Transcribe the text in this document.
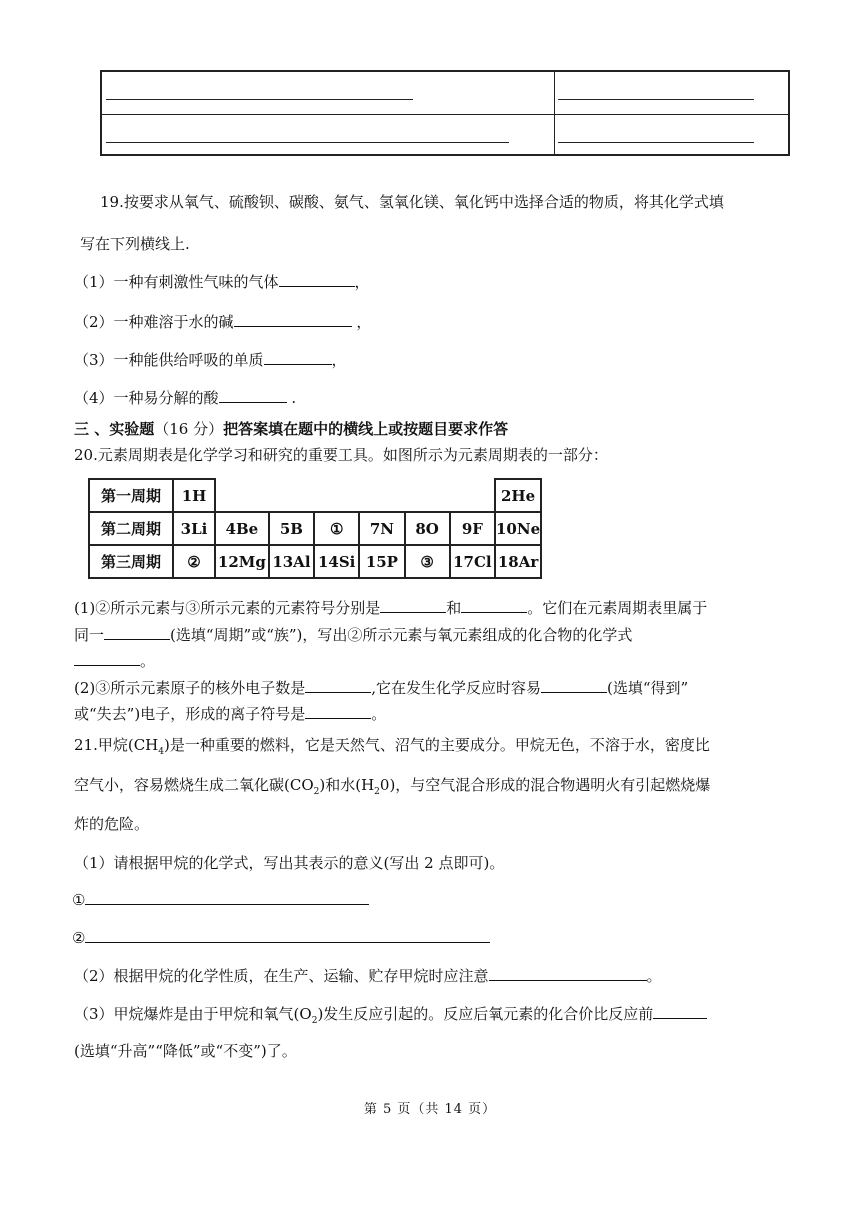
19.按要求从氧气、硫酸钡、碳酸、氨气、氢氧化镁、氧化钙中选择合适的物质，将其化学式填
写在下列横线上.
（1）一种有刺激性气味的气体	，
（2）一种难溶于水的碱	，
（3）一种能供给呼吸的单质	，
（4）一种易分解的酸	.
三 、实验题（16 分）把答案填在题中的横线上或按题目要求作答
20.元素周期表是化学学习和研究的重要工具。如图所示为元素周期表的一部分：
第一周期	1H							2He
第二周期	3Li	4Be	5B	①	7N	8O	9F	10Ne
第三周期	②	12Mg	13Al	14Si	15P	③	17Cl	18Ar
(1)②所示元素与③所示元素的元素符号分别是	和	。它们在元素周期表里属于
同一	(选填“周期”或“族”)，写出②所示元素与氧元素组成的化合物的化学式
。
(2)③所示元素原子的核外电子数是	,它在发生化学反应时容易	(选填“得到”
或“失去”)电子，形成的离子符号是	。
21.甲烷$(CH_4)$是一种重要的燃料，它是天然气、沼气的主要成分。甲烷无色，不溶于水，密度比
空气小，容易燃烧生成二氧化碳$(CO_2)$和水$(H_20)$，与空气混合形成的混合物遇明火有引起燃烧爆
炸的危险。
（1）请根据甲烷的化学式，写出其表示的意义(写出 2 点即可)。
①
②
（2）根据甲烷的化学性质，在生产、运输、贮存甲烷时应注意	。
（3）甲烷爆炸是由于甲烷和氧气$(O_2)$发生反应引起的。反应后氧元素的化合价比反应前
(选填“升高”“降低”或“不变”)了。
第 5 页（共 14 页）
